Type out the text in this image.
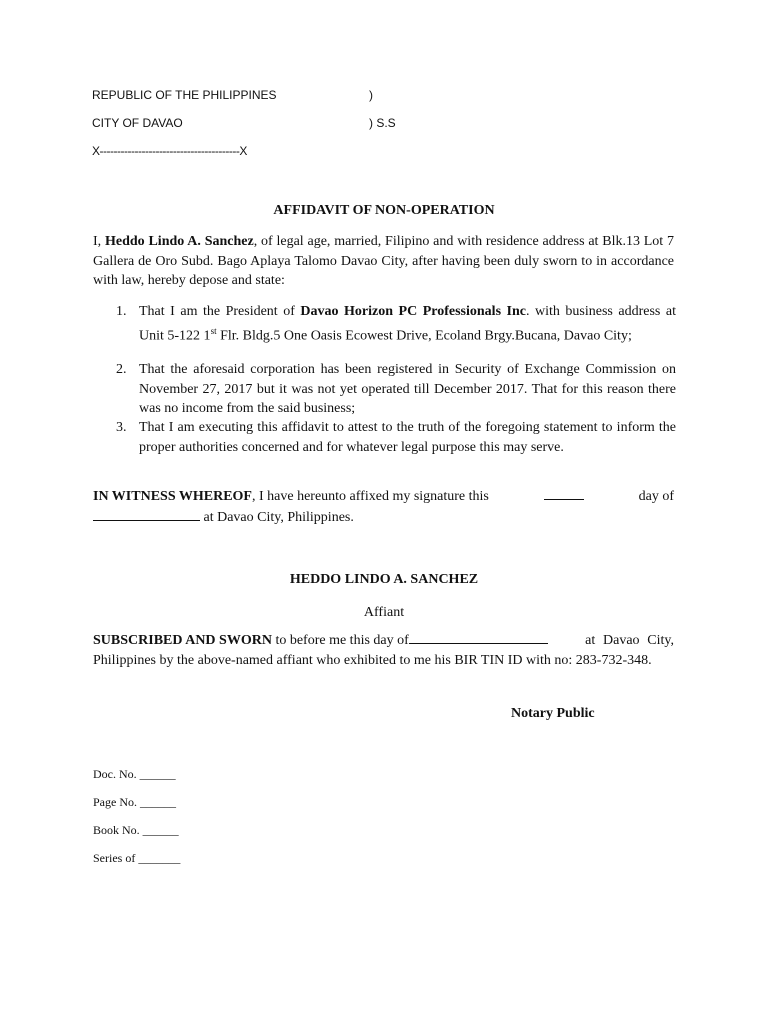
REPUBLIC OF THE PHILIPPINES	)
CITY OF DAVAO	) S.S
X----------------------------------------X
AFFIDAVIT OF NON-OPERATION
I, Heddo Lindo A. Sanchez, of legal age, married, Filipino and with residence address at Blk.13 Lot 7 Gallera de Oro Subd. Bago Aplaya Talomo Davao City, after having been duly sworn to in accordance with law, hereby depose and state:
1. That I am the President of Davao Horizon PC Professionals Inc. with business address at Unit 5-122 1st Flr. Bldg.5 One Oasis Ecowest Drive, Ecoland Brgy.Bucana, Davao City;
2. That the aforesaid corporation has been registered in Security of Exchange Commission on November 27, 2017 but it was not yet operated till December 2017. That for this reason there was no income from the said business;
3. That I am executing this affidavit to attest to the truth of the foregoing statement to inform the proper authorities concerned and for whatever legal purpose this may serve.
IN WITNESS WHEREOF, I have hereunto affixed my signature this	day of
at Davao City, Philippines.
HEDDO LINDO A. SANCHEZ
Affiant
SUBSCRIBED AND SWORN to before me this day of	at Davao City, Philippines by the above-named affiant who exhibited to me his BIR TIN ID with no: 283-732-348.
Notary Public
Doc. No. ______
Page No. ______
Book No. ______
Series of _______
